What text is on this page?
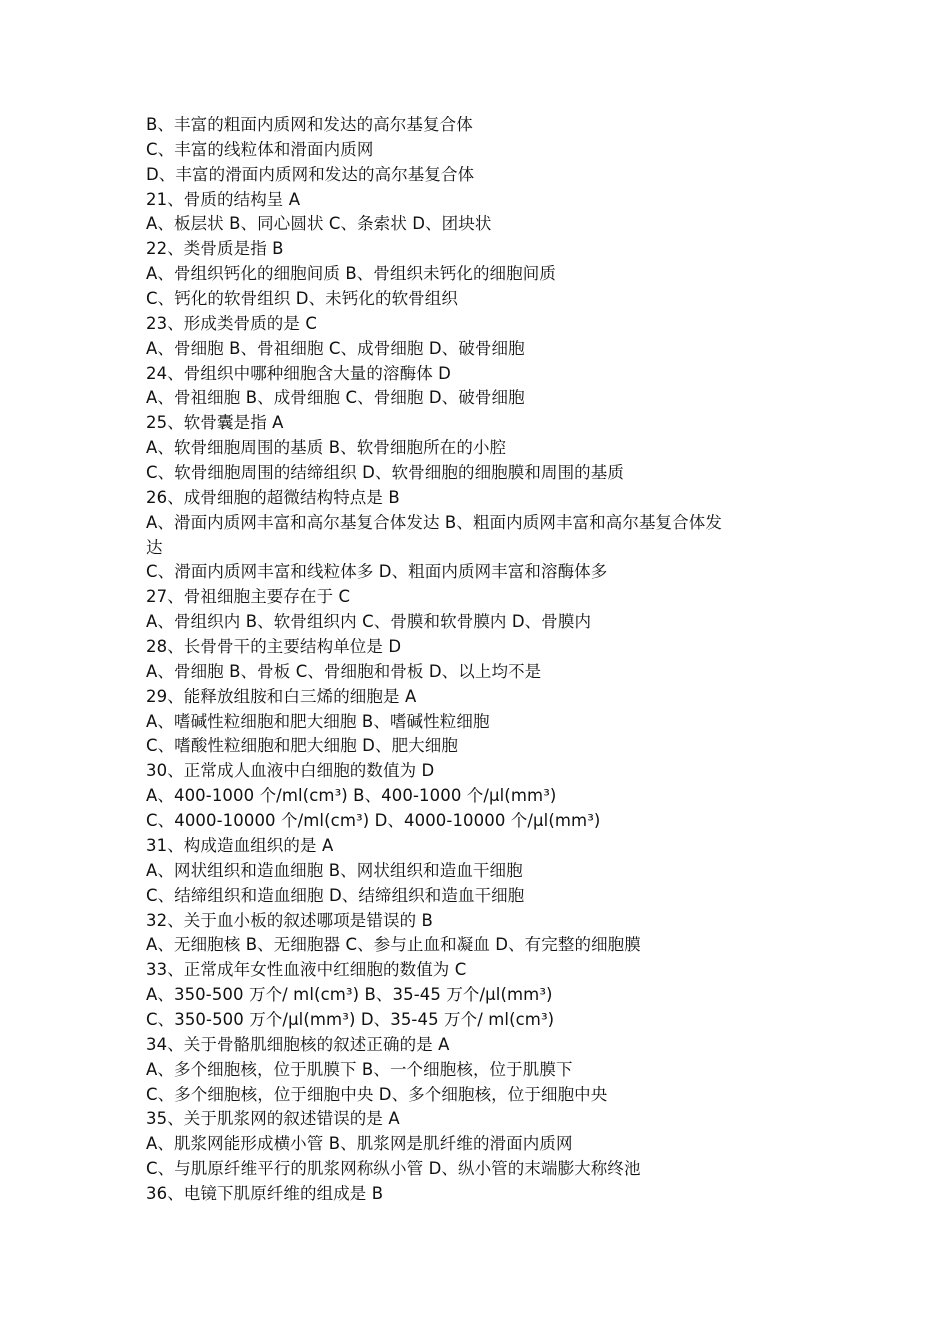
B、丰富的粗面内质网和发达的高尔基复合体
C、丰富的线粒体和滑面内质网
D、丰富的滑面内质网和发达的高尔基复合体
21、骨质的结构呈 A
A、板层状 B、同心圆状 C、条索状 D、团块状
22、类骨质是指 B
A、骨组织钙化的细胞间质 B、骨组织未钙化的细胞间质
C、钙化的软骨组织 D、未钙化的软骨组织
23、形成类骨质的是 C
A、骨细胞 B、骨祖细胞 C、成骨细胞 D、破骨细胞
24、骨组织中哪种细胞含大量的溶酶体 D
A、骨祖细胞 B、成骨细胞 C、骨细胞 D、破骨细胞
25、软骨囊是指 A
A、软骨细胞周围的基质 B、软骨细胞所在的小腔
C、软骨细胞周围的结缔组织 D、软骨细胞的细胞膜和周围的基质
26、成骨细胞的超微结构特点是 B
A、滑面内质网丰富和高尔基复合体发达 B、粗面内质网丰富和高尔基复合体发
达
C、滑面内质网丰富和线粒体多 D、粗面内质网丰富和溶酶体多
27、骨祖细胞主要存在于 C
A、骨组织内 B、软骨组织内 C、骨膜和软骨膜内 D、骨膜内
28、长骨骨干的主要结构单位是 D
A、骨细胞 B、骨板 C、骨细胞和骨板 D、以上均不是
29、能释放组胺和白三烯的细胞是 A
A、嗜碱性粒细胞和肥大细胞 B、嗜碱性粒细胞
C、嗜酸性粒细胞和肥大细胞 D、肥大细胞
30、正常成人血液中白细胞的数值为 D
A、400-1000 个/ml(cm³) B、400-1000 个/μl(mm³)
C、4000-10000 个/ml(cm³) D、4000-10000 个/μl(mm³)
31、构成造血组织的是 A
A、网状组织和造血细胞 B、网状组织和造血干细胞
C、结缔组织和造血细胞 D、结缔组织和造血干细胞
32、关于血小板的叙述哪项是错误的 B
A、无细胞核 B、无细胞器 C、参与止血和凝血 D、有完整的细胞膜
33、正常成年女性血液中红细胞的数值为 C
A、350-500 万个/ ml(cm³) B、35-45 万个/μl(mm³)
C、350-500 万个/μl(mm³) D、35-45 万个/ ml(cm³)
34、关于骨骼肌细胞核的叙述正确的是 A
A、多个细胞核，位于肌膜下 B、一个细胞核，位于肌膜下
C、多个细胞核，位于细胞中央 D、多个细胞核，位于细胞中央
35、关于肌浆网的叙述错误的是 A
A、肌浆网能形成横小管 B、肌浆网是肌纤维的滑面内质网
C、与肌原纤维平行的肌浆网称纵小管 D、纵小管的末端膨大称终池
36、电镜下肌原纤维的组成是 B
